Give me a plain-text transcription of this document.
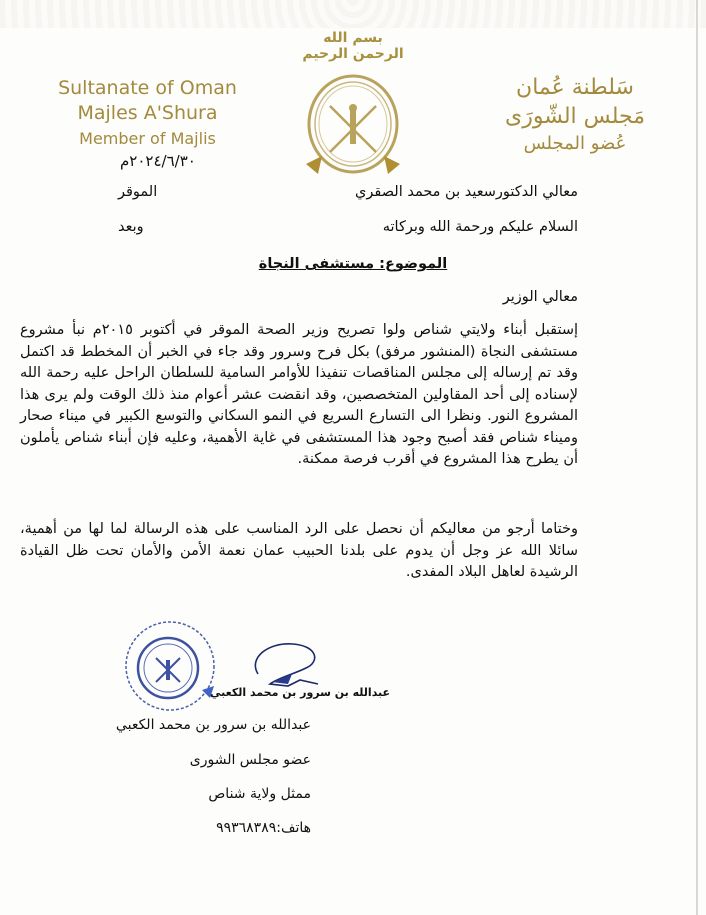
بسم الله الرحمن الرحيم
Sultanate of Oman
Majles A'Shura
Member of Majlis
٢٠٢٤/٦/٣٠م
سَلطنة عُمان
مَجلس الشّورَى
عُضو المجلس
معالي الدكتورسعيد بن محمد الصقري
الموقر
السلام عليكم ورحمة الله وبركاته
وبعد
الموضوع: مستشفى النجاة
معالي الوزير
إستقبل أبناء ولايتي شناص ولوا تصريح وزير الصحة الموقر في أكتوبر ٢٠١٥م نبأ مشروع مستشفى النجاة (المنشور مرفق) بكل فرح وسرور وقد جاء في الخبر أن المخطط قد اكتمل وقد تم إرساله إلى مجلس المناقصات تنفيذا للأوامر السامية للسلطان الراحل عليه رحمة الله لإسناده إلى أحد المقاولين المتخصصين، وقد انقضت عشر أعوام منذ ذلك الوقت ولم يرى هذا المشروع النور. ونظرا الى التسارع السريع في النمو السكاني والتوسع الكبير في ميناء صحار وميناء شناص فقد أصبح وجود هذا المستشفى في غاية الأهمية، وعليه فإن أبناء شناص يأملون أن يطرح هذا المشروع في أقرب فرصة ممكنة.
وختاما أرجو من معاليكم أن نحصل على الرد المناسب على هذه الرسالة لما لها من أهمية، سائلا الله عز وجل أن يدوم على بلدنا الحبيب عمان نعمة الأمن والأمان تحت ظل القيادة الرشيدة لعاهل البلاد المفدى.
عبدالله بن سرور بن محمد الكعبي
عبدالله بن سرور بن محمد الكعبي
عضو مجلس الشورى
ممثل ولاية شناص
هاتف:٩٩٣٦٨٣٨٩
